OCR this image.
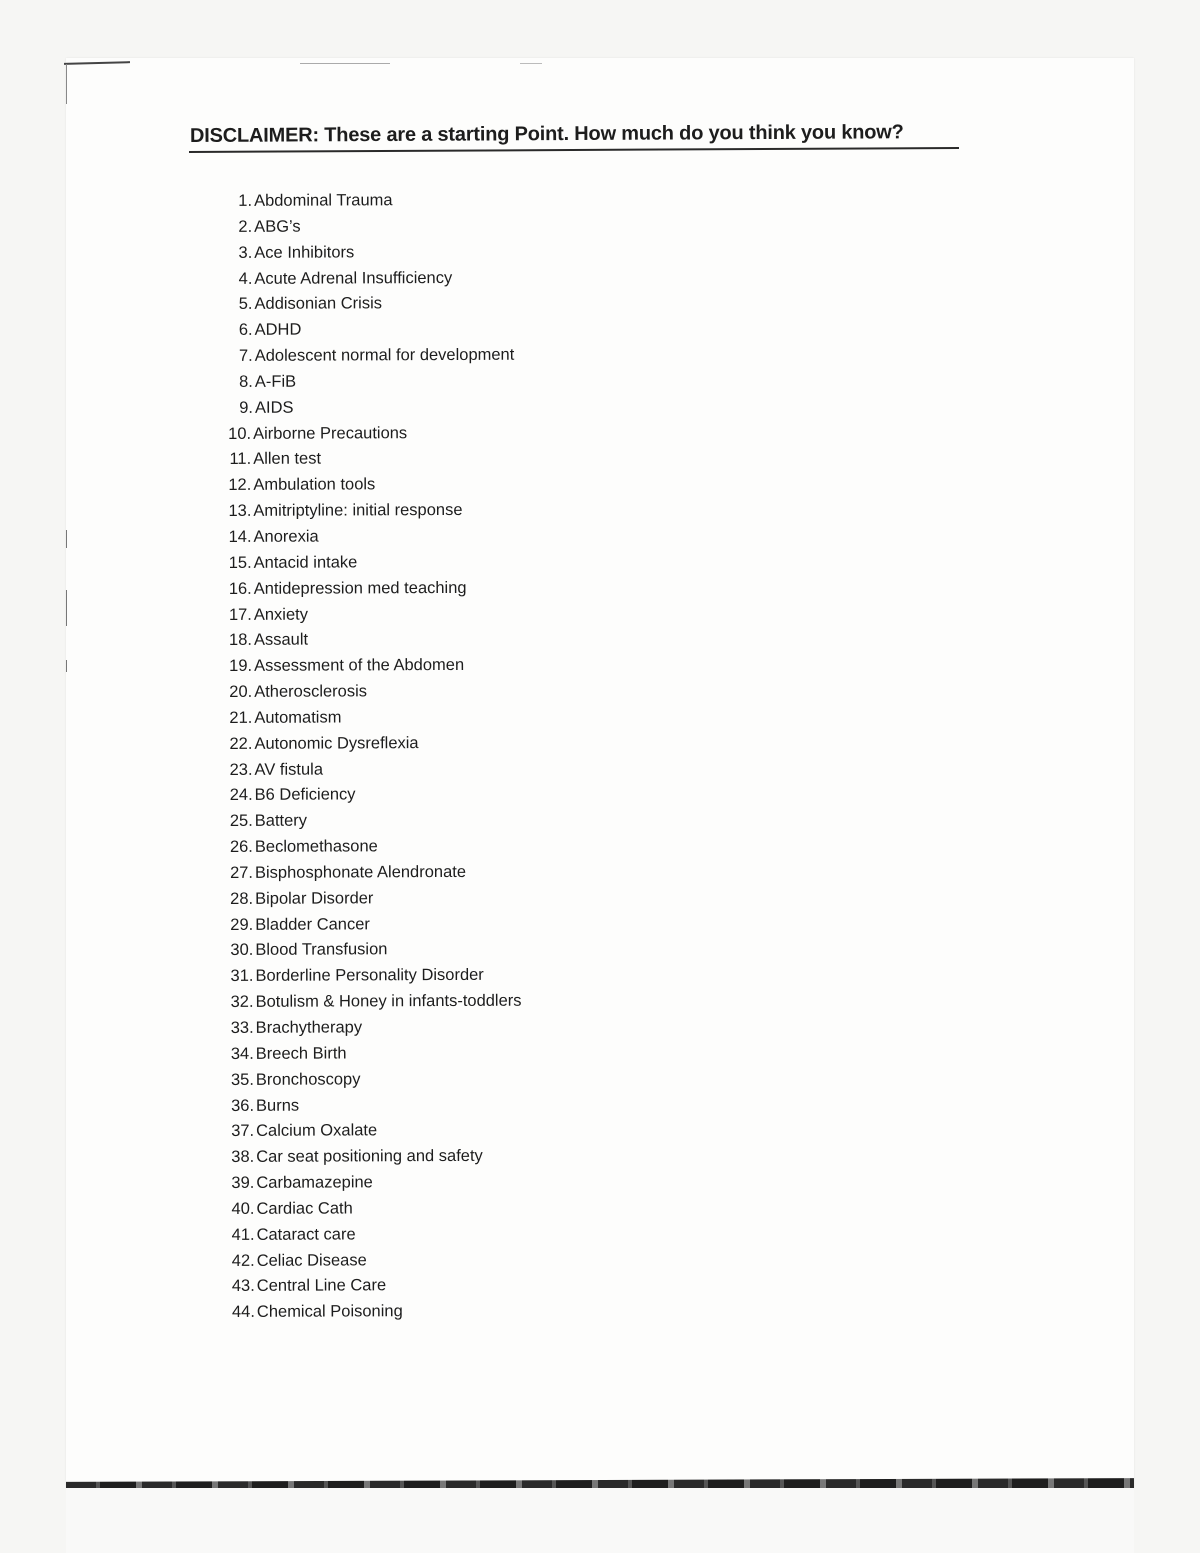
DISCLAIMER: These are a starting Point. How much do you think you know?
1. Abdominal Trauma
2. ABG’s
3. Ace Inhibitors
4. Acute Adrenal Insufficiency
5. Addisonian Crisis
6. ADHD
7. Adolescent normal for development
8. A-FiB
9. AIDS
10. Airborne Precautions
11. Allen test
12. Ambulation tools
13. Amitriptyline: initial response
14. Anorexia
15. Antacid intake
16. Antidepression med teaching
17. Anxiety
18. Assault
19. Assessment of the Abdomen
20. Atherosclerosis
21. Automatism
22. Autonomic Dysreflexia
23. AV fistula
24. B6 Deficiency
25. Battery
26. Beclomethasone
27. Bisphosphonate Alendronate
28. Bipolar Disorder
29. Bladder Cancer
30. Blood Transfusion
31. Borderline Personality Disorder
32. Botulism & Honey in infants-toddlers
33. Brachytherapy
34. Breech Birth
35. Bronchoscopy
36. Burns
37. Calcium Oxalate
38. Car seat positioning and safety
39. Carbamazepine
40. Cardiac Cath
41. Cataract care
42. Celiac Disease
43. Central Line Care
44. Chemical Poisoning
